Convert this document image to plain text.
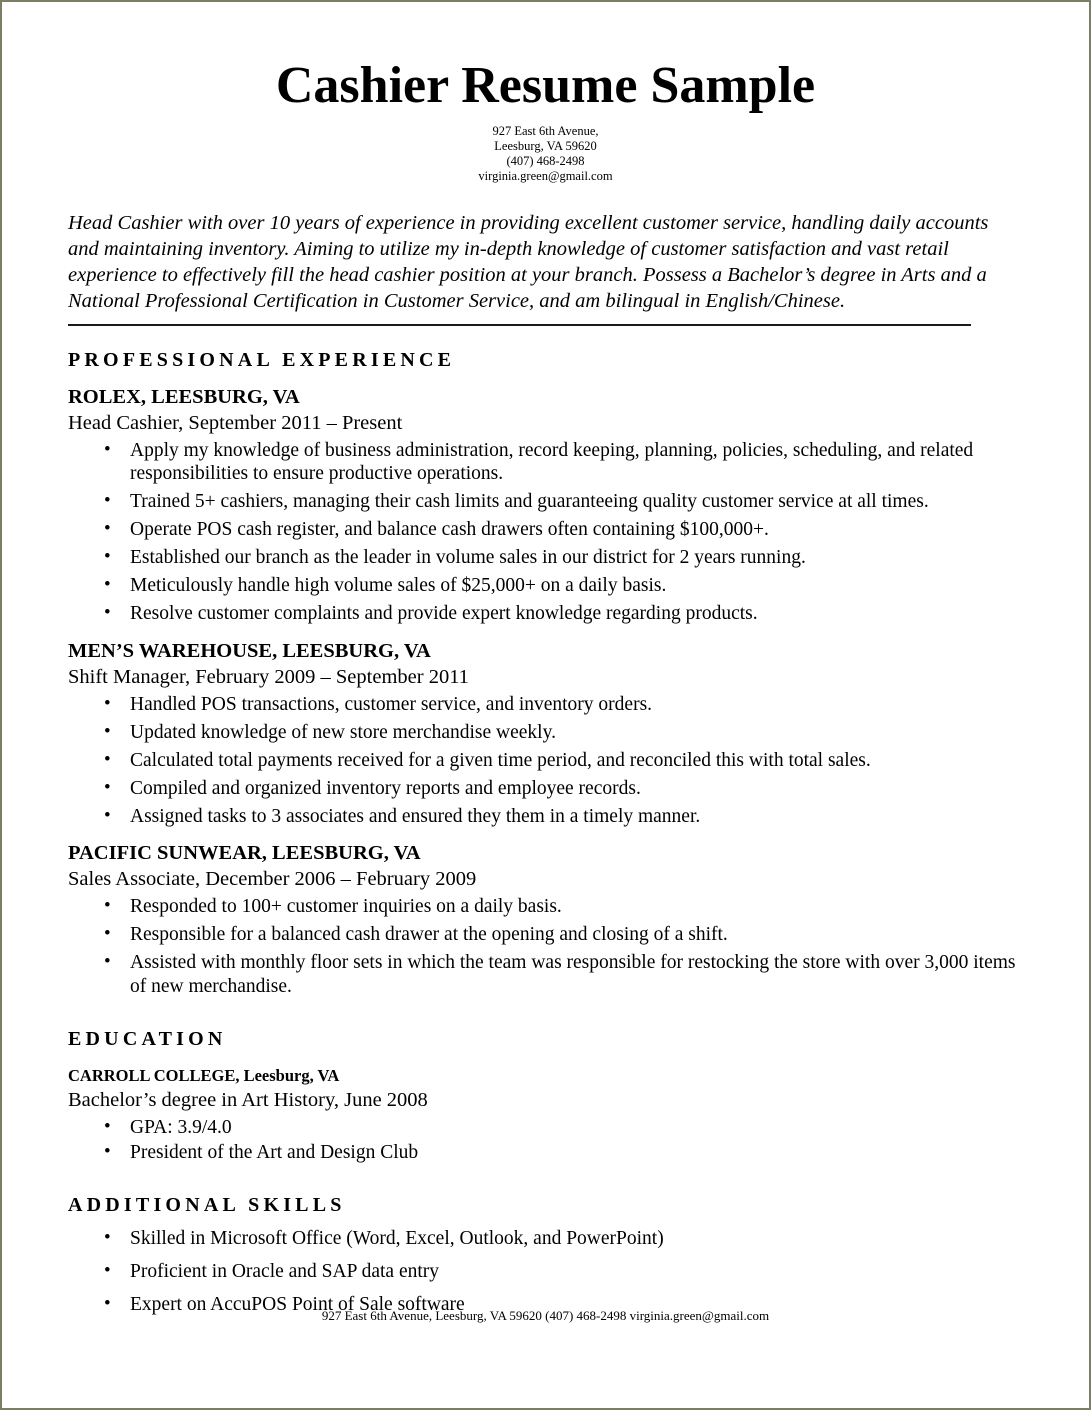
Cashier Resume Sample
927 East 6th Avenue,
Leesburg, VA 59620
(407) 468-2498
virginia.green@gmail.com

Head Cashier with over 10 years of experience in providing excellent customer service, handling daily accounts and maintaining inventory. Aiming to utilize my in-depth knowledge of customer satisfaction and vast retail experience to effectively fill the head cashier position at your branch. Possess a Bachelor’s degree in Arts and a National Professional Certification in Customer Service, and am bilingual in English/Chinese.

PROFESSIONAL EXPERIENCE
ROLEX, LEESBURG, VA
Head Cashier, September 2011 – Present
• Apply my knowledge of business administration, record keeping, planning, policies, scheduling, and related responsibilities to ensure productive operations.
• Trained 5+ cashiers, managing their cash limits and guaranteeing quality customer service at all times.
• Operate POS cash register, and balance cash drawers often containing $100,000+.
• Established our branch as the leader in volume sales in our district for 2 years running.
• Meticulously handle high volume sales of $25,000+ on a daily basis.
• Resolve customer complaints and provide expert knowledge regarding products.
MEN’S WAREHOUSE, LEESBURG, VA
Shift Manager, February 2009 – September 2011
• Handled POS transactions, customer service, and inventory orders.
• Updated knowledge of new store merchandise weekly.
• Calculated total payments received for a given time period, and reconciled this with total sales.
• Compiled and organized inventory reports and employee records.
• Assigned tasks to 3 associates and ensured they them in a timely manner.
PACIFIC SUNWEAR, LEESBURG, VA
Sales Associate, December 2006 – February 2009
• Responded to 100+ customer inquiries on a daily basis.
• Responsible for a balanced cash drawer at the opening and closing of a shift.
• Assisted with monthly floor sets in which the team was responsible for restocking the store with over 3,000 items of new merchandise.
EDUCATION
CARROLL COLLEGE, Leesburg, VA
Bachelor’s degree in Art History, June 2008
• GPA: 3.9/4.0
• President of the Art and Design Club
ADDITIONAL SKILLS
• Skilled in Microsoft Office (Word, Excel, Outlook, and PowerPoint)
• Proficient in Oracle and SAP data entry
• Expert on AccuPOS Point of Sale software
927 East 6th Avenue, Leesburg, VA 59620 (407) 468-2498 virginia.green@gmail.com
